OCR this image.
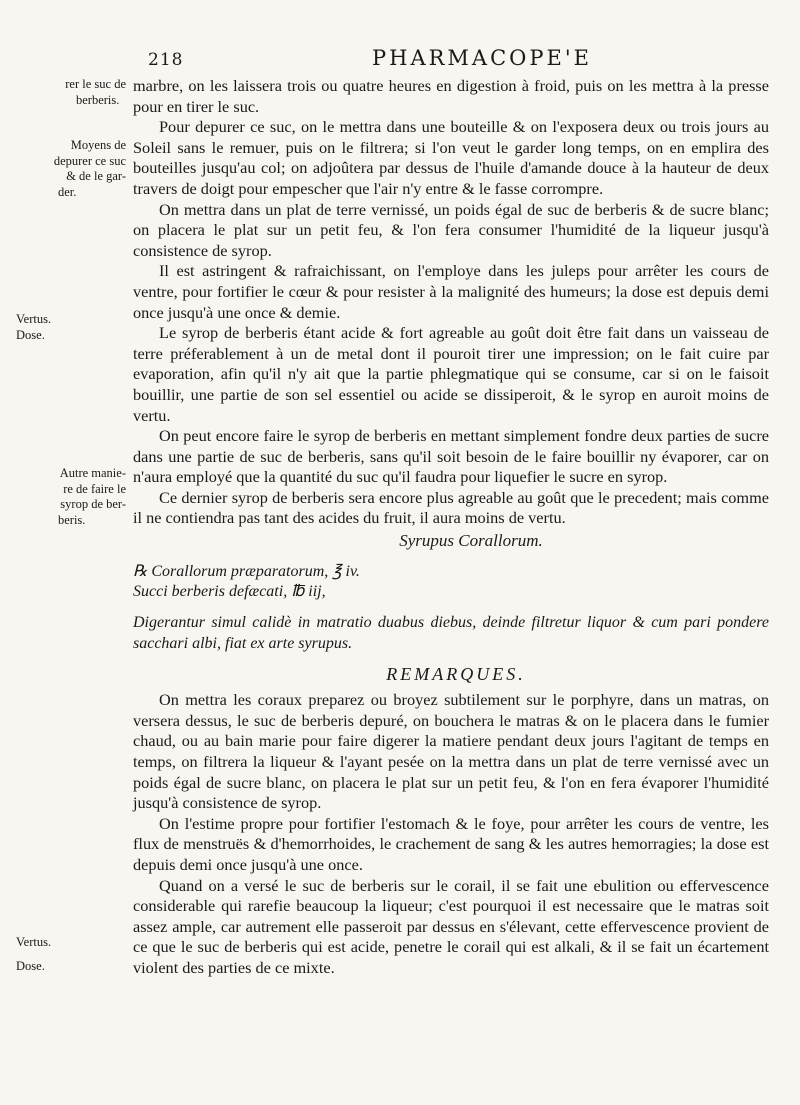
218	PHARMACOPE'E
rer le suc de
berberis.
Moyens de
depurer ce suc
& de le gar-
der.
Vertus.
Dose.
Autre manie-
re de faire le
syrop de ber-
beris.
Vertus.
Dose.

marbre, on les laissera trois ou quatre heures en digestion à froid, puis on les mettra à la presse pour en tirer le suc.

Pour depurer ce suc, on le mettra dans une bouteille & on l'exposera deux ou trois jours au Soleil sans le remuer, puis on le filtrera; si l'on veut le garder long temps, on en emplira des bouteilles jusqu'au col; on adjoûtera par dessus de l'huile d'amande douce à la hauteur de deux travers de doigt pour empescher que l'air n'y entre & le fasse corrompre.

On mettra dans un plat de terre vernissé, un poids égal de suc de berberis & de sucre blanc; on placera le plat sur un petit feu, & l'on fera consumer l'humidité de la liqueur jusqu'à consistence de syrop.

Il est astringent & rafraichissant, on l'employe dans les juleps pour arrêter les cours de ventre, pour fortifier le cœur & pour resister à la malignité des humeurs; la dose est depuis demi once jusqu'à une once & demie.

Le syrop de berberis étant acide & fort agreable au goût doit être fait dans un vaisseau de terre préferablement à un de metal dont il pouroit tirer une impression; on le fait cuire par evaporation, afin qu'il n'y ait que la partie phlegmatique qui se consume, car si on le faisoit bouillir, une partie de son sel essentiel ou acide se dissiperoit, & le syrop en auroit moins de vertu.

On peut encore faire le syrop de berberis en mettant simplement fondre deux parties de sucre dans une partie de suc de berberis, sans qu'il soit besoin de le faire bouillir ny évaporer, car on n'aura employé que la quantité du suc qu'il faudra pour liquefier le sucre en syrop.

Ce dernier syrop de berberis sera encore plus agreable au goût que le precedent; mais comme il ne contiendra pas tant des acides du fruit, il aura moins de vertu.

Syrupus Corallorum.
℞ Corallorum præparatorum, ℥ iv.
Succi berberis defæcati, ℔ iij,
Digerantur simul calidè in matratio duabus diebus, deinde filtretur liquor & cum pari pondere sacchari albi, fiat ex arte syrupus.
REMARQUES.

On mettra les coraux preparez ou broyez subtilement sur le porphyre, dans un matras, on versera dessus, le suc de berberis depuré, on bouchera le matras & on le placera dans le fumier chaud, ou au bain marie pour faire digerer la matiere pendant deux jours l'agitant de temps en temps, on filtrera la liqueur & l'ayant pesée on la mettra dans un plat de terre vernissé avec un poids égal de sucre blanc, on placera le plat sur un petit feu, & l'on en fera évaporer l'humidité jusqu'à consistence de syrop.

On l'estime propre pour fortifier l'estomach & le foye, pour arrêter les cours de ventre, les flux de menstruës & d'hemorrhoides, le crachement de sang & les autres hemorragies; la dose est depuis demi once jusqu'à une once.

Quand on a versé le suc de berberis sur le corail, il se fait une ebulition ou effervescence considerable qui rarefie beaucoup la liqueur; c'est pourquoi il est necessaire que le matras soit assez ample, car autrement elle passeroit par dessus en s'élevant, cette effervescence provient de ce que le suc de berberis qui est acide, penetre le corail qui est alkali, & il se fait un écartement violent des parties de ce mixte.
